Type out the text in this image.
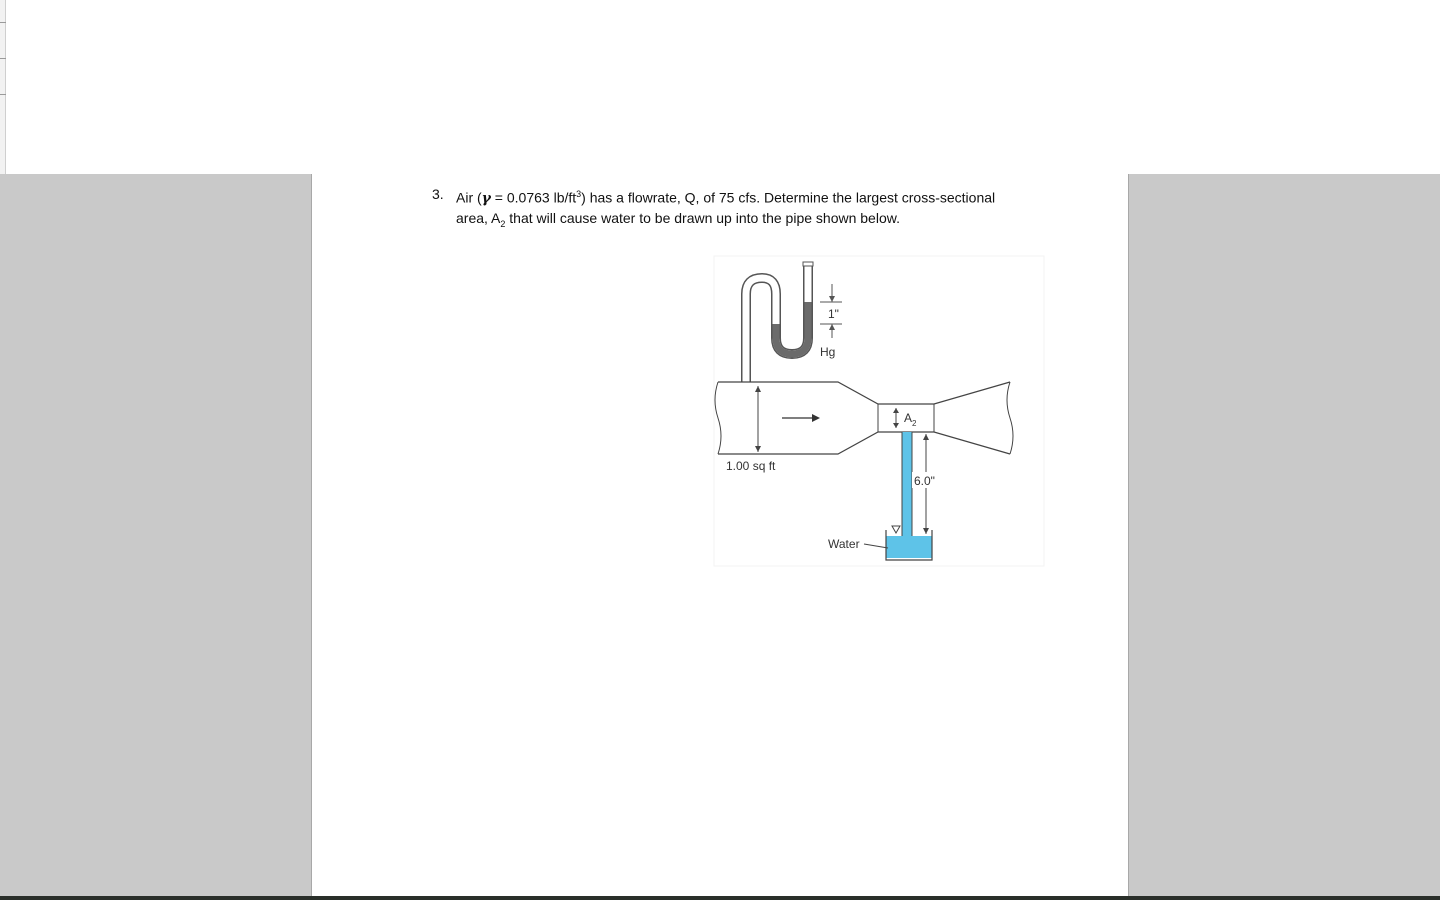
3. Air (γ = 0.0763 $lb/ft^3$) has a flowrate, Q, of 75 cfs. Determine the largest cross-sectional
area, $A_2$ that will cause water to be drawn up into the pipe shown below.
1"
Hg
1.00 sq ft
$A_2$
6.0"
Water
